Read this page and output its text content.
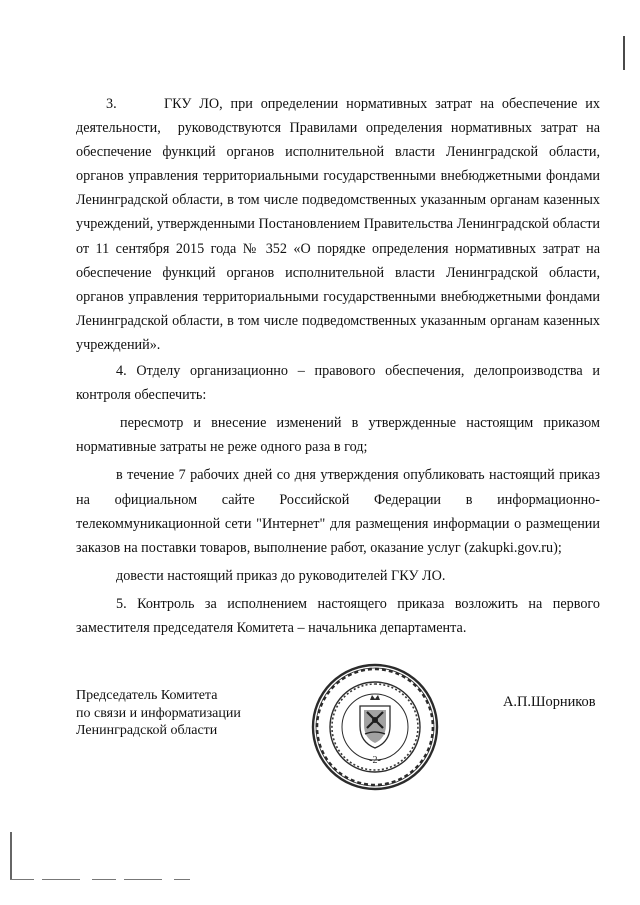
3.      ГКУ ЛО, при определении нормативных затрат на обеспечение их деятельности,  руководствуются Правилами определения нормативных затрат на обеспечение функций органов исполнительной власти Ленинградской области, органов управления территориальными государственными внебюджетными фондами Ленинградской области, в том числе подведомственных указанным органам казенных учреждений, утвержденными Постановлением Правительства Ленинградской области от 11 сентября 2015 года № 352 «О порядке определения нормативных затрат на обеспечение функций органов исполнительной власти Ленинградской области, органов управления территориальными государственными внебюджетными фондами Ленинградской области, в том числе подведомственных указанным органам казенных учреждений».

4. Отделу организационно – правового обеспечения, делопроизводства и контроля обеспечить:

пересмотр и внесение изменений в утвержденные настоящим приказом нормативные затраты не реже одного раза в год;

в течение 7 рабочих дней со дня утверждения опубликовать настоящий приказ на официальном сайте Российской Федерации в информационно- телекоммуникационной сети "Интернет" для размещения информации о размещении заказов на поставки товаров, выполнение работ, оказание услуг (zakupki.gov.ru);

довести настоящий приказ до руководителей ГКУ ЛО.

5. Контроль за исполнением настоящего приказа возложить на первого заместителя председателя Комитета – начальника департамента.

Председатель Комитета
по связи и информатизации
Ленинградской области
-2-
А.П.Шорников
